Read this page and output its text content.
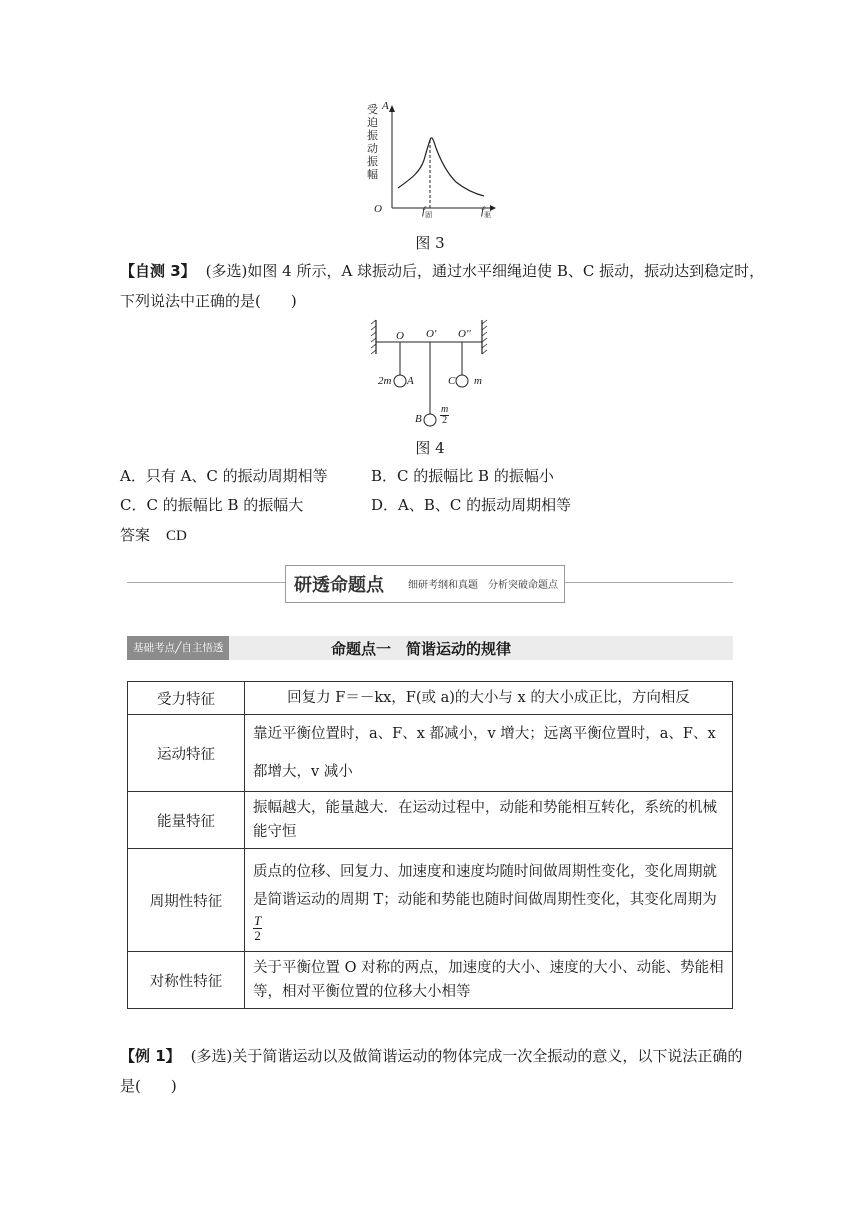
受迫振动振幅
A
O	$f_固$	$f_驱$
图 3
【自测 3】 (多选)如图 4 所示，A 球振动后，通过水平细绳迫使 B、C 振动，振动达到稳定时，
下列说法中正确的是(　　)
O O′ O′′
2m A	C m
B
m
2
图 4
A．只有 A、C 的振动周期相等	B．C 的振幅比 B 的振幅小
C．C 的振幅比 B 的振幅大	D．A、B、C 的振动周期相等
答案 CD
研透命题点 细研考纲和真题　分析突破命题点
基础考点╱自主悟透	命题点一　简谐运动的规律
受力特征	回复力 F＝－kx，F(或 a)的大小与 x 的大小成正比，方向相反
运动特征	靠近平衡位置时，a、F、x 都减小，v 增大；远离平衡位置时，a、F、x 都增大，v 减小
能量特征	振幅越大，能量越大．在运动过程中，动能和势能相互转化，系统的机械能守恒
周期性特征	质点的位移、回复力、加速度和速度均随时间做周期性变化，变化周期就是简谐运动的周期 T；动能和势能也随时间做周期性变化，其变化周期为
$\frac{T}{2}$

对称性特征	关于平衡位置 O 对称的两点，加速度的大小、速度的大小、动能、势能相等，相对平衡位置的位移大小相等
【例 1】 (多选)关于简谐运动以及做简谐运动的物体完成一次全振动的意义，以下说法正确的
是(　　)
